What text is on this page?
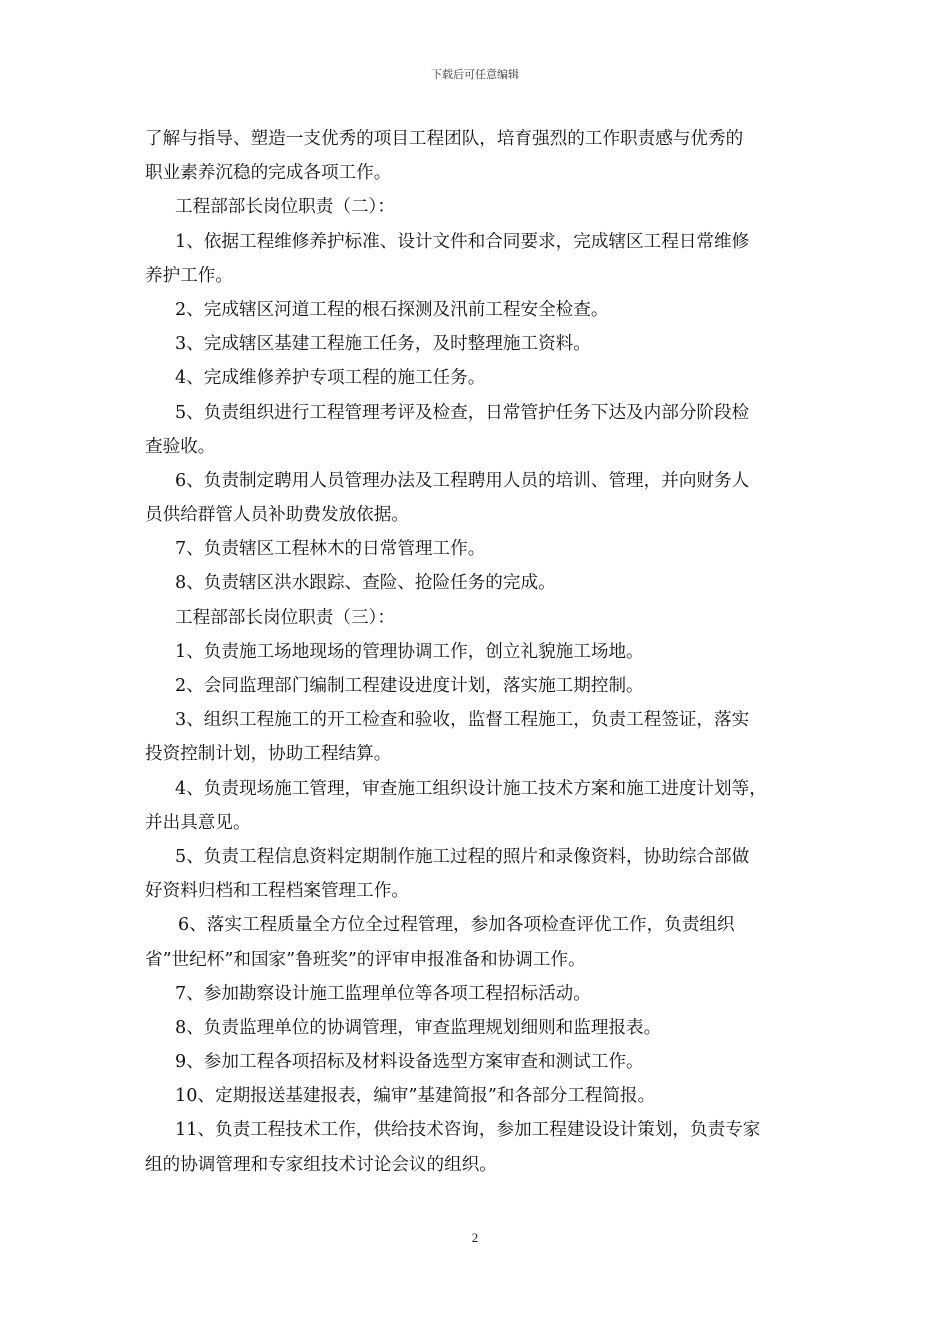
下载后可任意编辑
了解与指导、塑造一支优秀的项目工程团队，培育强烈的工作职责感与优秀的
职业素养沉稳的完成各项工作。
工程部部长岗位职责（二）：
1、依据工程维修养护标准、设计文件和合同要求，完成辖区工程日常维修
养护工作。
2、完成辖区河道工程的根石探测及汛前工程安全检查。
3、完成辖区基建工程施工任务，及时整理施工资料。
4、完成维修养护专项工程的施工任务。
5、负责组织进行工程管理考评及检查，日常管护任务下达及内部分阶段检
查验收。
6、负责制定聘用人员管理办法及工程聘用人员的培训、管理，并向财务人
员供给群管人员补助费发放依据。
7、负责辖区工程林木的日常管理工作。
8、负责辖区洪水跟踪、查险、抢险任务的完成。
工程部部长岗位职责（三）：
1、负责施工场地现场的管理协调工作，创立礼貌施工场地。
2、会同监理部门编制工程建设进度计划，落实施工期控制。
3、组织工程施工的开工检查和验收，监督工程施工，负责工程签证，落实
投资控制计划，协助工程结算。
4、负责现场施工管理，审查施工组织设计施工技术方案和施工进度计划等，
并出具意见。
5、负责工程信息资料定期制作施工过程的照片和录像资料，协助综合部做
好资料归档和工程档案管理工作。
6、落实工程质量全方位全过程管理，参加各项检查评优工作，负责组织
省”世纪杯”和国家”鲁班奖”的评审申报准备和协调工作。
7、参加勘察设计施工监理单位等各项工程招标活动。
8、负责监理单位的协调管理，审查监理规划细则和监理报表。
9、参加工程各项招标及材料设备选型方案审查和测试工作。
10、定期报送基建报表，编审”基建简报”和各部分工程简报。
11、负责工程技术工作，供给技术咨询，参加工程建设设计策划，负责专家
组的协调管理和专家组技术讨论会议的组织。
2
